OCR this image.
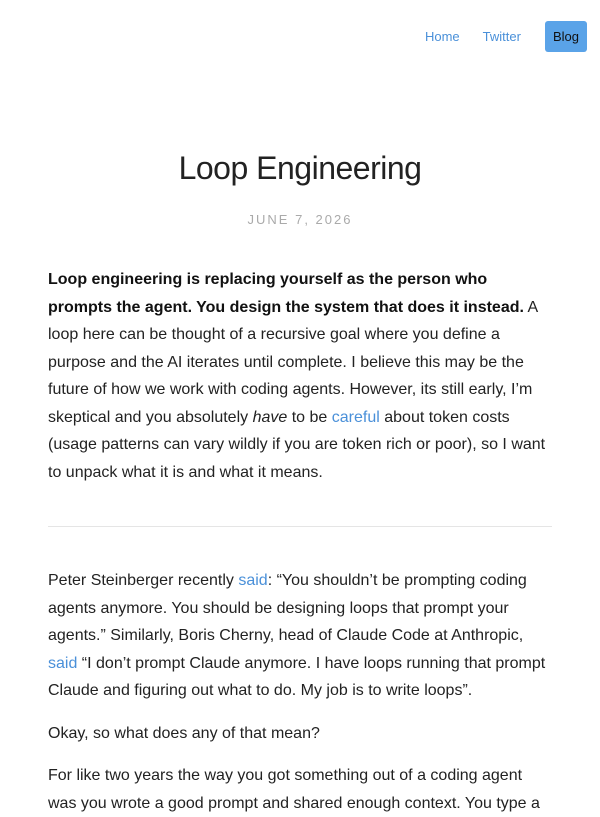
Home Twitter	Blog
Loop Engineering
JUNE 7, 2026

Loop engineering is replacing yourself as the person who prompts the agent. You design the system that does it instead. A loop here can be thought of a recursive goal where you define a purpose and the AI iterates until complete. I believe this may be the future of how we work with coding agents. However, its still early, I’m skeptical and you absolutely have to be careful about token costs (usage patterns can vary wildly if you are token rich or poor), so I want to unpack what it is and what it means.

Peter Steinberger recently said: “You shouldn’t be prompting coding agents anymore. You should be designing loops that prompt your agents.” Similarly, Boris Cherny, head of Claude Code at Anthropic, said “I don’t prompt Claude anymore. I have loops running that prompt Claude and figuring out what to do. My job is to write loops”.

Okay, so what does any of that mean?

For like two years the way you got something out of a coding agent was you wrote a good prompt and shared enough context. You type a
